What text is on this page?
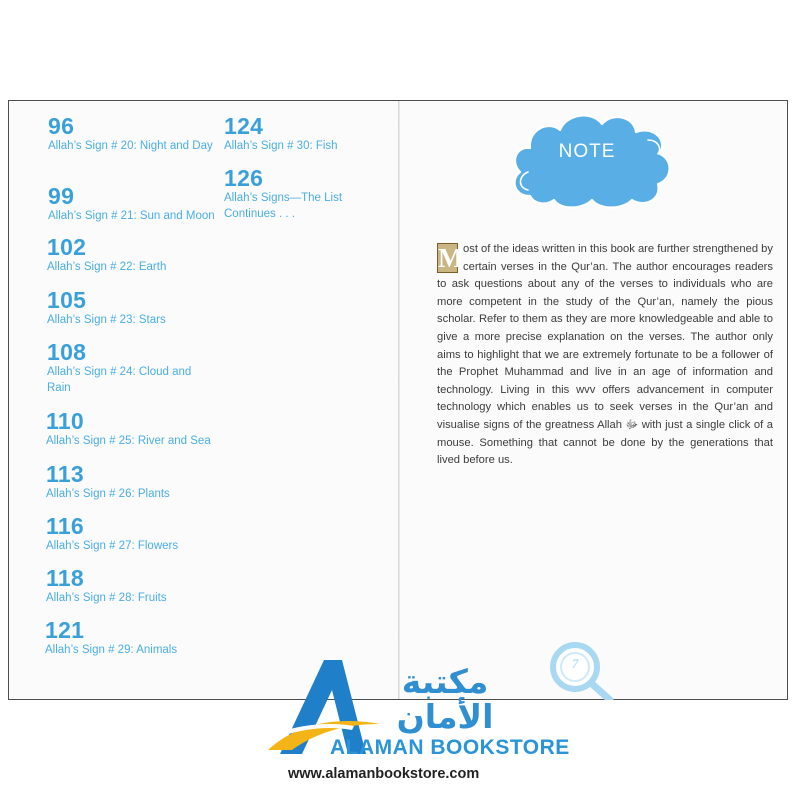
96
Allah’s Sign # 20: Night and Day
99
Allah’s Sign # 21: Sun and Moon
102
Allah’s Sign # 22: Earth
105
Allah’s Sign # 23: Stars
108
Allah’s Sign # 24: Cloud and Rain
110
Allah’s Sign # 25: River and Sea
113
Allah’s Sign # 26: Plants
116
Allah’s Sign # 27: Flowers
118
Allah’s Sign # 28: Fruits
121
Allah’s Sign # 29: Animals
124
Allah’s Sign # 30: Fish
126
Allah’s Signs—The List Continues . . .
NOTE

M ost of the ideas written in this book are further strengthened by certain verses in the Qur’an. The author encourages readers to ask questions about any of the verses to individuals who are more competent in the study of the Qur’an, namely the pious scholar. Refer to them as they are more knowledgeable and able to give a more precise explanation on the verses. The author only aims to highlight that we are extremely fortunate to be a follower of the Prophet Muhammad and live in an age of information and technology. Living in this wvv offers advancement in computer technology which enables us to seek verses in the Qur’an and visualise signs of the greatness Allah ﷻ with just a single click of a mouse. Something that cannot be done by the generations that lived before us.

7
مكتبة
الأمان
ALAMAN BOOKSTORE
www.alamanbookstore.com
